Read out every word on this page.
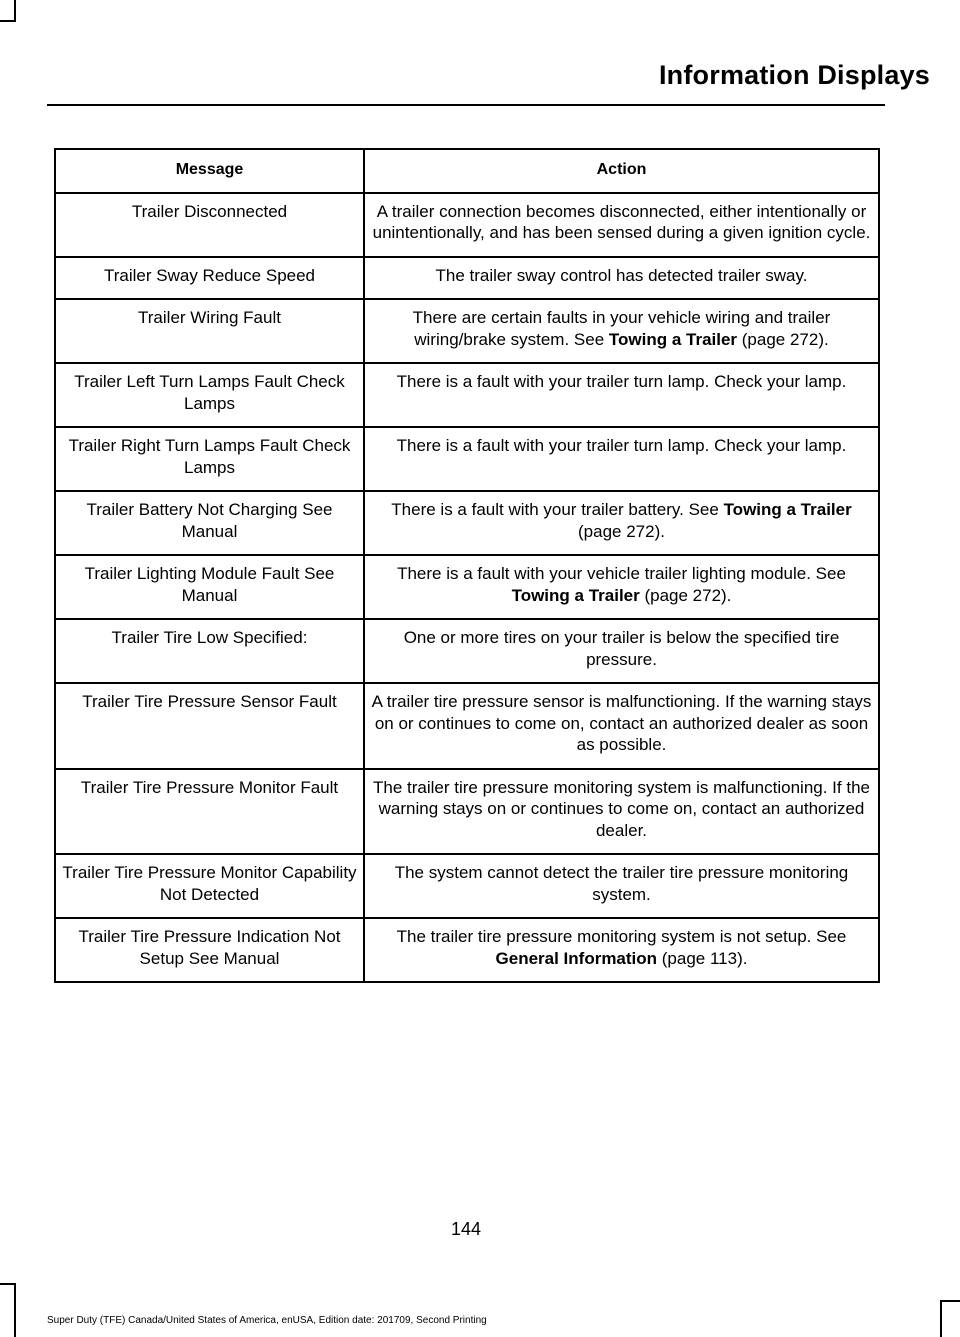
Information Displays
Message	Action
Trailer Disconnected	A trailer connection becomes disconnected, either intentionally or unintentionally, and has been sensed during a given ignition cycle.
Trailer Sway Reduce Speed	The trailer sway control has detected trailer sway.
Trailer Wiring Fault	There are certain faults in your vehicle wiring and trailer wiring/brake system. See Towing a Trailer (page 272).
Trailer Left Turn Lamps Fault Check Lamps	There is a fault with your trailer turn lamp. Check your lamp.
Trailer Right Turn Lamps Fault Check Lamps	There is a fault with your trailer turn lamp. Check your lamp.
Trailer Battery Not Charging See Manual	There is a fault with your trailer battery. See Towing a Trailer (page 272).
Trailer Lighting Module Fault See Manual	There is a fault with your vehicle trailer lighting module. See Towing a Trailer (page 272).
Trailer Tire Low Specified:	One or more tires on your trailer is below the specified tire pressure.
Trailer Tire Pressure Sensor Fault	A trailer tire pressure sensor is malfunctioning. If the warning stays on or continues to come on, contact an authorized dealer as soon as possible.
Trailer Tire Pressure Monitor Fault	The trailer tire pressure monitoring system is malfunctioning. If the warning stays on or continues to come on, contact an authorized dealer.
Trailer Tire Pressure Monitor Capability Not Detected	The system cannot detect the trailer tire pressure monitoring system.
Trailer Tire Pressure Indication Not Setup See Manual	The trailer tire pressure monitoring system is not setup. See General Information (page 113).
144
Super Duty (TFE) Canada/United States of America, enUSA, Edition date: 201709, Second Printing
